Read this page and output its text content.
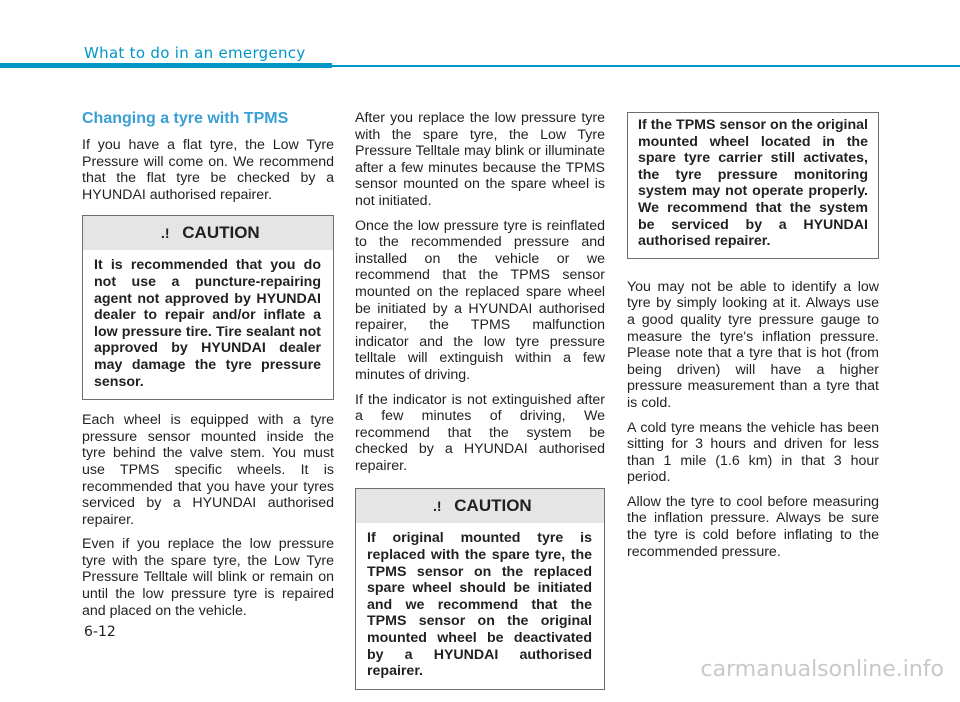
What to do in an emergency
Changing a tyre with TPMS

If you have a flat tyre, the Low Tyre Pressure will come on. We recommend that the flat tyre be checked by a HYUNDAI authorised repairer.

.! CAUTION
It is recommended that you do not use a puncture-repairing agent not approved by HYUNDAI dealer to repair and/or inflate a low pressure tire. Tire sealant not approved by HYUNDAI dealer may damage the tyre pressure sensor.

Each wheel is equipped with a tyre pressure sensor mounted inside the tyre behind the valve stem. You must use TPMS specific wheels. It is recommended that you have your tyres serviced by a HYUNDAI authorised repairer.

Even if you replace the low pressure tyre with the spare tyre, the Low Tyre Pressure Telltale will blink or remain on until the low pressure tyre is repaired and placed on the vehicle.

After you replace the low pressure tyre with the spare tyre, the Low Tyre Pressure Telltale may blink or illuminate after a few minutes because the TPMS sensor mounted on the spare wheel is not initiated.

Once the low pressure tyre is reinflated to the recommended pressure and installed on the vehicle or we recommend that the TPMS sensor mounted on the replaced spare wheel be initiated by a HYUNDAI authorised repairer, the TPMS malfunction indicator and the low tyre pressure telltale will extinguish within a few minutes of driving.

If the indicator is not extinguished after a few minutes of driving, We recommend that the system be checked by a HYUNDAI authorised repairer.

.! CAUTION
If original mounted tyre is replaced with the spare tyre, the TPMS sensor on the replaced spare wheel should be initiated and we recommend that the TPMS sensor on the original mounted wheel be deactivated by a HYUNDAI authorised repairer.
If the TPMS sensor on the original mounted wheel located in the spare tyre carrier still activates, the tyre pressure monitoring system may not operate properly. We recommend that the system be serviced by a HYUNDAI authorised repairer.

You may not be able to identify a low tyre by simply looking at it. Always use a good quality tyre pressure gauge to measure the tyre's inflation pressure. Please note that a tyre that is hot (from being driven) will have a higher pressure measurement than a tyre that is cold.

A cold tyre means the vehicle has been sitting for 3 hours and driven for less than 1 mile (1.6 km) in that 3 hour period.

Allow the tyre to cool before measuring the inflation pressure. Always be sure the tyre is cold before inflating to the recommended pressure.

6-12
carmanualsonline.info
